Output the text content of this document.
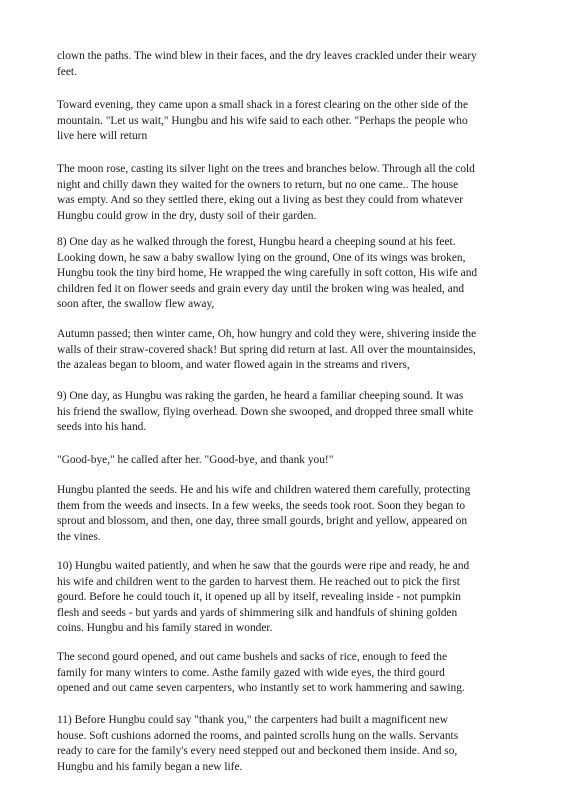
clown the paths. The wind blew in their faces, and the dry leaves crackled under their weary
feet.

Toward evening, they came upon a small shack in a forest clearing on the other side of the
mountain. "Let us wait," Hungbu and his wife said to each other. "Perhaps the people who
live here will return

The moon rose, casting its silver light on the trees and branches below. Through all the cold
night and chilly dawn they waited for the owners to return, but no one came.. The house
was empty. And so they settled there, eking out a living as best they could from whatever
Hungbu could grow in the dry, dusty soil of their garden.

8) One day as he walked through the forest, Hungbu heard a cheeping sound at his feet.
Looking down, he saw a baby swallow lying on the ground, One of its wings was broken,
Hungbu took the tiny bird home, He wrapped the wing carefully in soft cotton, His wife and
children fed it on flower seeds and grain every day until the broken wing was healed, and
soon after, the swallow flew away,

Autumn passed; then winter came, Oh, how hungry and cold they were, shivering inside the
walls of their straw-covered shack! But spring did return at last. All over the mountainsides,
the azaleas began to bloom, and water flowed again in the streams and rivers,

9) One day, as Hungbu was raking the garden, he heard a familiar cheeping sound. It was
his friend the swallow, flying overhead. Down she swooped, and dropped three small white
seeds into his hand.

"Good-bye," he called after her. "Good-bye, and thank you!"

Hungbu planted the seeds. He and his wife and children watered them carefully, protecting
them from the weeds and insects. In a few weeks, the seeds took root. Soon they began to
sprout and blossom, and then, one day, three small gourds, bright and yellow, appeared on
the vines.

10) Hungbu waited patiently, and when he saw that the gourds were ripe and ready, he and
his wife and children went to the garden to harvest them. He reached out to pick the first
gourd. Before he could touch it, it opened up all by itself, revealing inside - not pumpkin
flesh and seeds - but yards and yards of shimmering silk and handfuls of shining golden
coins. Hungbu and his family stared in wonder.

The second gourd opened, and out came bushels and sacks of rice, enough to feed the
family for many winters to come. Asthe family gazed with wide eyes, the third gourd
opened and out came seven carpenters, who instantly set to work hammering and sawing.

11) Before Hungbu could say "thank you," the carpenters had built a magnificent new
house. Soft cushions adorned the rooms, and painted scrolls hung on the walls. Servants
ready to care for the family's every need stepped out and beckoned them inside. And so,
Hungbu and his family began a new life.
